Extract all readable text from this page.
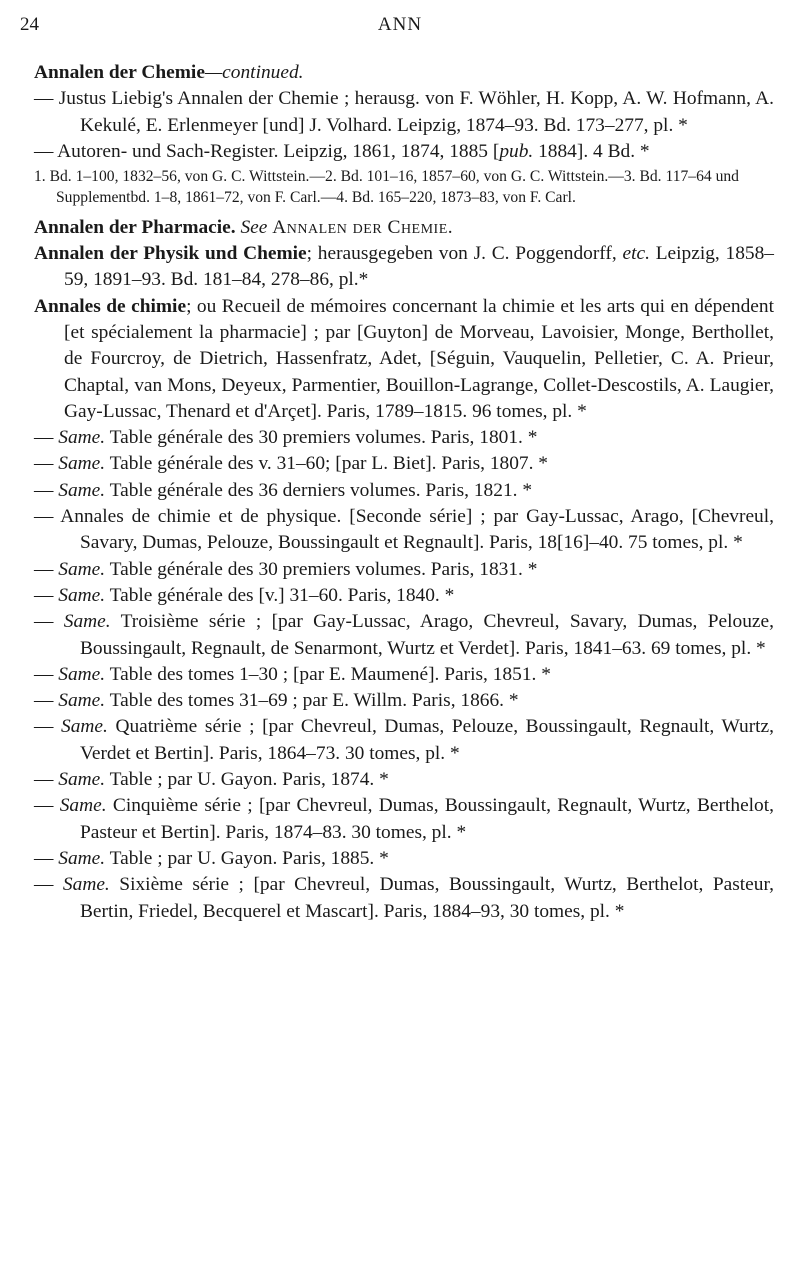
24	ANN
Annalen der Chemie—continued.
— Justus Liebig's Annalen der Chemie ; herausg. von F. Wöhler, H. Kopp, A. W. Hofmann, A. Kekulé, E. Erlenmeyer [und] J. Volhard. Leipzig, 1874–93. Bd. 173–277, pl. *
— Autoren- und Sach-Register. Leipzig, 1861, 1874, 1885 [pub. 1884]. 4 Bd. *
1. Bd. 1–100, 1832–56, von G. C. Wittstein.—2. Bd. 101–16, 1857–60, von G. C. Wittstein.—3. Bd. 117–64 und Supplementbd. 1–8, 1861–72, von F. Carl.—4. Bd. 165–220, 1873–83, von F. Carl.
Annalen der Pharmacie. See Annalen der Chemie.
Annalen der Physik und Chemie; herausgegeben von J. C. Poggendorff, etc. Leipzig, 1858–59, 1891–93. Bd. 181–84, 278–86, pl.*
Annales de chimie; ou Recueil de mémoires concernant la chimie et les arts qui en dépendent [et spécialement la pharmacie] ; par [Guyton] de Morveau, Lavoisier, Monge, Berthollet, de Fourcroy, de Dietrich, Hassenfratz, Adet, [Séguin, Vauquelin, Pelletier, C. A. Prieur, Chaptal, van Mons, Deyeux, Parmentier, Bouillon-Lagrange, Collet-Descostils, A. Laugier, Gay-Lussac, Thenard et d'Arçet]. Paris, 1789–1815. 96 tomes, pl. *
— Same. Table générale des 30 premiers volumes. Paris, 1801. *
— Same. Table générale des v. 31–60; [par L. Biet]. Paris, 1807. *
— Same. Table générale des 36 derniers volumes. Paris, 1821. *
— Annales de chimie et de physique. [Seconde série] ; par Gay-Lussac, Arago, [Chevreul, Savary, Dumas, Pelouze, Boussingault et Regnault]. Paris, 18[16]–40. 75 tomes, pl. *
— Same. Table générale des 30 premiers volumes. Paris, 1831. *
— Same. Table générale des [v.] 31–60. Paris, 1840. *
— Same. Troisième série ; [par Gay-Lussac, Arago, Chevreul, Savary, Dumas, Pelouze, Boussingault, Regnault, de Senarmont, Wurtz et Verdet]. Paris, 1841–63. 69 tomes, pl. *
— Same. Table des tomes 1–30 ; [par E. Maumené]. Paris, 1851. *
— Same. Table des tomes 31–69 ; par E. Willm. Paris, 1866. *
— Same. Quatrième série ; [par Chevreul, Dumas, Pelouze, Boussingault, Regnault, Wurtz, Verdet et Bertin]. Paris, 1864–73. 30 tomes, pl. *
— Same. Table ; par U. Gayon. Paris, 1874. *
— Same. Cinquième série ; [par Chevreul, Dumas, Boussingault, Regnault, Wurtz, Berthelot, Pasteur et Bertin]. Paris, 1874–83. 30 tomes, pl. *
— Same. Table ; par U. Gayon. Paris, 1885. *
— Same. Sixième série ; [par Chevreul, Dumas, Boussingault, Wurtz, Berthelot, Pasteur, Bertin, Friedel, Becquerel et Mascart]. Paris, 1884–93, 30 tomes, pl. *
